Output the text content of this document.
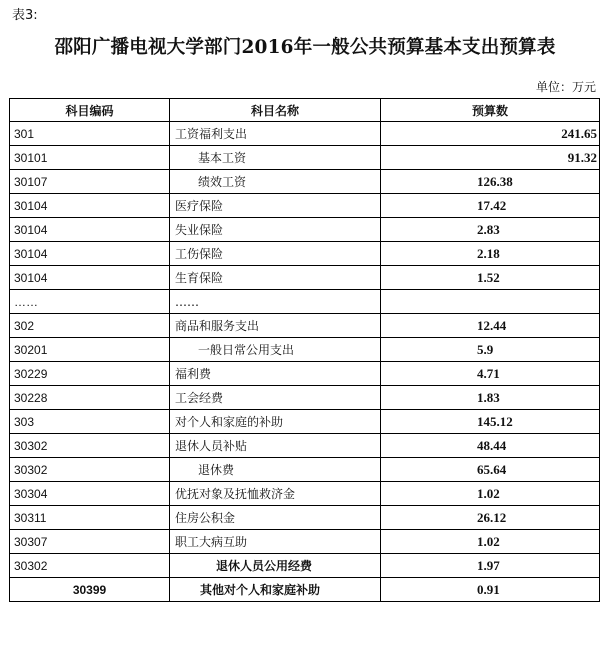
表3:
邵阳广播电视大学部门2016年一般公共预算基本支出预算表
单位：万元
科目编码	科目名称	预算数
301	工资福利支出	241.65
30101	基本工资	91.32
30107	绩效工资	126.38
30104	医疗保险	17.42
30104	失业保险	2.83
30104	工伤保险	2.18
30104	生育保险	1.52
……	……	
302	商品和服务支出	12.44
30201	一般日常公用支出	5.9
30229	福利费	4.71
30228	工会经费	1.83
303	对个人和家庭的补助	145.12
30302	退休人员补贴	48.44
30302	退休费	65.64
30304	优抚对象及抚恤救济金	1.02
30311	住房公积金	26.12
30307	职工大病互助	1.02
30302	退休人员公用经费	1.97
30399	其他对个人和家庭补助	0.91
